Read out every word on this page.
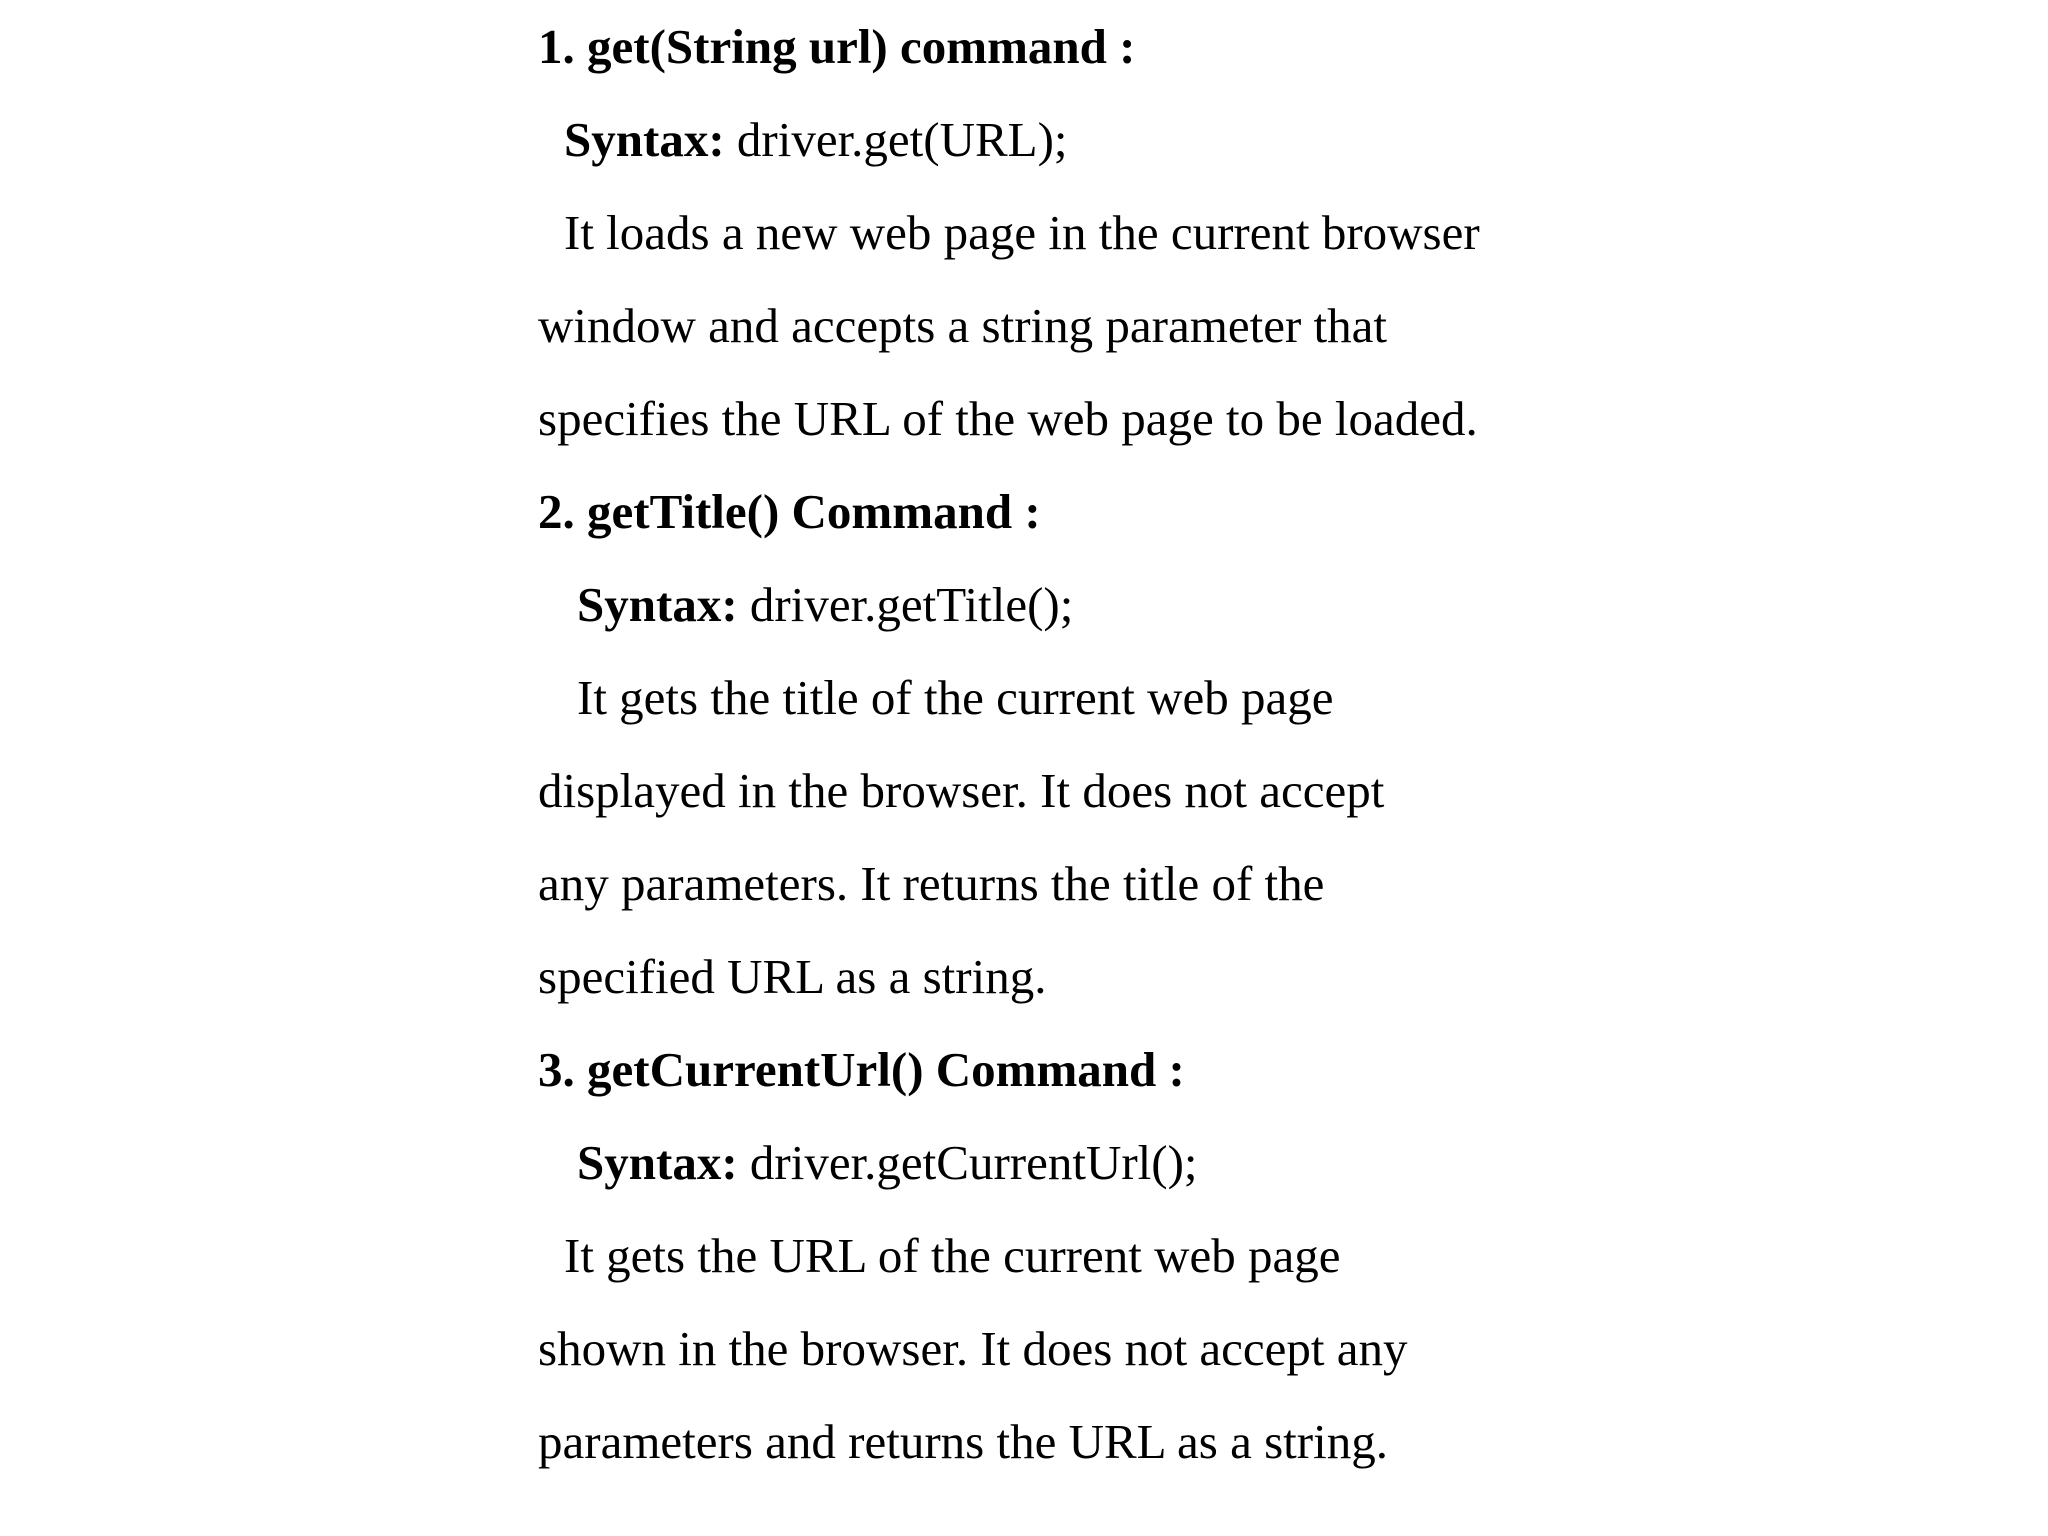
1. get(String url) command :
Syntax: driver.get(URL);
It loads a new web page in the current browser
window and accepts a string parameter that
specifies the URL of the web page to be loaded.
2. getTitle() Command :
Syntax: driver.getTitle();
It gets the title of the current web page
displayed in the browser. It does not accept
any parameters. It returns the title of the
specified URL as a string.
3. getCurrentUrl() Command :
Syntax: driver.getCurrentUrl();
It gets the URL of the current web page
shown in the browser. It does not accept any
parameters and returns the URL as a string.
